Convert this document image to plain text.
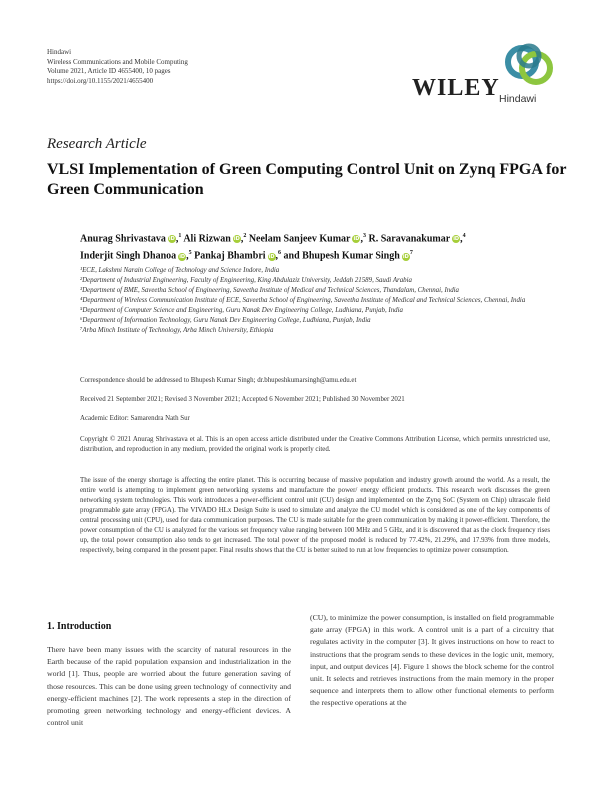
Hindawi
Wireless Communications and Mobile Computing
Volume 2021, Article ID 4655400, 10 pages
https://doi.org/10.1155/2021/4655400	WILEY Hindawi
Research Article
VLSI Implementation of Green Computing Control Unit on Zynq FPGA for Green Communication
Anurag Shrivastava iD,$^1$ Ali Rizwan iD,$^2$ Neelam Sanjeev Kumar iD,$^3$ R. Saravanakumar iD,$^4$
Inderjit Singh Dhanoa iD,$^5$ Pankaj Bhambri iD,$^6$ and Bhupesh Kumar Singh $iD^7$

¹ECE, Lakshmi Narain College of Technology and Science Indore, India

²Department of Industrial Engineering, Faculty of Engineering, King Abdulaziz University, Jeddah 21589, Saudi Arabia

³Department of BME, Saveetha School of Engineering, Saveetha Institute of Medical and Technical Sciences, Thandalam, Chennai, India

⁴Department of Wireless Communication Institute of ECE, Saveetha School of Engineering, Saveetha Institute of Medical and Technical Sciences, Chennai, India

⁵Department of Computer Science and Engineering, Guru Nanak Dev Engineering College, Ludhiana, Punjab, India

⁶Department of Information Technology, Guru Nanak Dev Engineering College, Ludhiana, Punjab, India

⁷Arba Minch Institute of Technology, Arba Minch University, Ethiopia

Correspondence should be addressed to Bhupesh Kumar Singh; dr.bhupeshkumarsingh@amu.edu.et
Received 21 September 2021; Revised 3 November 2021; Accepted 6 November 2021; Published 30 November 2021
Academic Editor: Samarendra Nath Sur
Copyright © 2021 Anurag Shrivastava et al. This is an open access article distributed under the Creative Commons Attribution License, which permits unrestricted use, distribution, and reproduction in any medium, provided the original work is properly cited.
The issue of the energy shortage is affecting the entire planet. This is occurring because of massive population and industry growth around the world. As a result, the entire world is attempting to implement green networking systems and manufacture the power/ energy efficient products. This research work discusses the green networking system technologies. This work introduces a power-efficient control unit (CU) design and implemented on the Zynq SoC (System on Chip) ultrascale field programmable gate array (FPGA). The VIVADO HLx Design Suite is used to simulate and analyze the CU model which is considered as one of the key components of central processing unit (CPU), used for data communication purposes. The CU is made suitable for the green communication by making it power-efficient. Therefore, the power consumption of the CU is analyzed for the various set frequency value ranging between 100 MHz and 5 GHz, and it is discovered that as the clock frequency rises up, the total power consumption also tends to get increased. The total power of the proposed model is reduced by 77.42%, 21.29%, and 17.93% from three models, respectively, being compared in the present paper. Final results shows that the CU is better suited to run at low frequencies to optimize power consumption.
1. Introduction
There have been many issues with the scarcity of natural resources in the Earth because of the rapid population expansion and industrialization in the world [1]. Thus, people are worried about the future generation saving of those resources. This can be done using green technology of connectivity and energy-efficient machines [2]. The work represents a step in the direction of promoting green networking technology and energy-efficient devices. A control unit
(CU), to minimize the power consumption, is installed on field programmable gate array (FPGA) in this work. A control unit is a part of a circuitry that regulates activity in the computer [3]. It gives instructions on how to react to instructions that the program sends to these devices in the logic unit, memory, input, and output devices [4]. Figure 1 shows the block scheme for the control unit. It selects and retrieves instructions from the main memory in the proper sequence and interprets them to allow other functional elements to perform the respective operations at the
